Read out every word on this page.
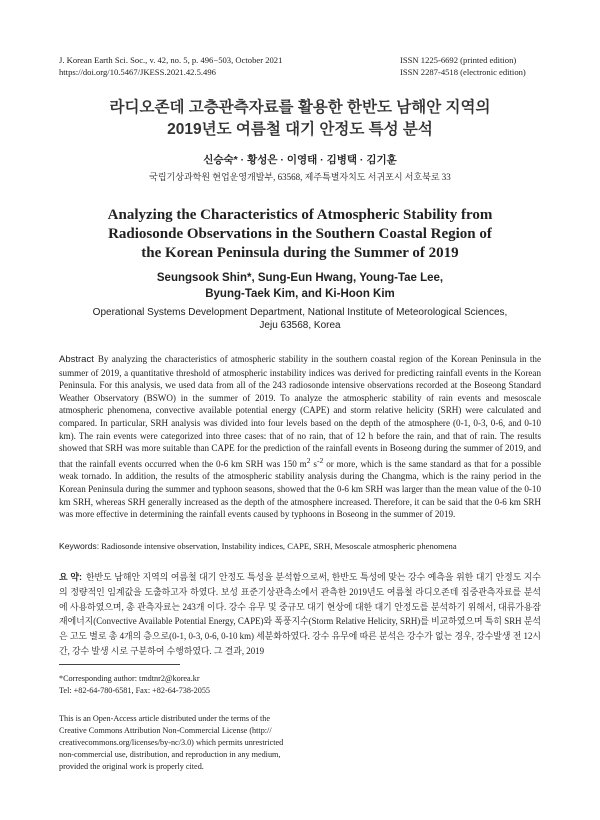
J. Korean Earth Sci. Soc., v. 42, no. 5, p. 496−503, October 2021
https://doi.org/10.5467/JKESS.2021.42.5.496
ISSN 1225-6692 (printed edition)
ISSN 2287-4518 (electronic edition)
라디오존데 고층관측자료를 활용한 한반도 남해안 지역의
2019년도 여름철 대기 안정도 특성 분석
신승숙* · 황성은 · 이영태 · 김병택 · 김기훈
국립기상과학원 현업운영개발부, 63568, 제주특별자치도 서귀포시 서호북로 33
Analyzing the Characteristics of Atmospheric Stability from
Radiosonde Observations in the Southern Coastal Region of
the Korean Peninsula during the Summer of 2019
Seungsook Shin*, Sung-Eun Hwang, Young-Tae Lee,
Byung-Taek Kim, and Ki-Hoon Kim
Operational Systems Development Department, National Institute of Meteorological Sciences,
Jeju 63568, Korea
Abstract By analyzing the characteristics of atmospheric stability in the southern coastal region of the Korean Peninsula in the summer of 2019, a quantitative threshold of atmospheric instability indices was derived for predicting rainfall events in the Korean Peninsula. For this analysis, we used data from all of the 243 radiosonde intensive observations recorded at the Boseong Standard Weather Observatory (BSWO) in the summer of 2019. To analyze the atmospheric stability of rain events and mesoscale atmospheric phenomena, convective available potential energy (CAPE) and storm relative helicity (SRH) were calculated and compared. In particular, SRH analysis was divided into four levels based on the depth of the atmosphere (0-1, 0-3, 0-6, and 0-10 km). The rain events were categorized into three cases: that of no rain, that of 12 h before the rain, and that of rain. The results showed that SRH was more suitable than CAPE for the prediction of the rainfall events in Boseong during the summer of 2019, and that the rainfall events occurred when the 0-6 km SRH was 150 $m^2$ $s^{-2}$ or more, which is the same standard as that for a possible weak tornado. In addition, the results of the atmospheric stability analysis during the Changma, which is the rainy period in the Korean Peninsula during the summer and typhoon seasons, showed that the 0-6 km SRH was larger than the mean value of the 0-10 km SRH, whereas SRH generally increased as the depth of the atmosphere increased. Therefore, it can be said that the 0-6 km SRH was more effective in determining the rainfall events caused by typhoons in Boseong in the summer of 2019.
Keywords: Radiosonde intensive observation, Instability indices, CAPE, SRH, Mesoscale atmospheric phenomena
요 약: 한반도 남해안 지역의 여름철 대기 안정도 특성을 분석함으로써, 한반도 특성에 맞는 강수 예측을 위한 대기 안정도 지수의 정량적인 임계값을 도출하고자 하였다. 보성 표준기상관측소에서 관측한 2019년도 여름철 라디오존데 집중관측자료를 분석에 사용하였으며, 총 관측자료는 243개 이다. 강수 유무 및 중규모 대기 현상에 대한 대기 안정도를 분석하기 위해서, 대류가용잠재에너지(Convective Available Potential Energy, CAPE)와 폭풍지수(Storm Relative Helicity, SRH)를 비교하였으며 특히 SRH 분석은 고도 별로 총 4개의 층으로(0-1, 0-3, 0-6, 0-10 km) 세분화하였다. 강수 유무에 따른 분석은 강수가 없는 경우, 강수발생 전 12시간, 강수 발생 시로 구분하여 수행하였다. 그 결과, 2019
*Corresponding author: tmdtnr2@korea.kr
Tel: +82-64-780-6581, Fax: +82-64-738-2055
This is an Open-Access article distributed under the terms of the
Creative Commons Attribution Non-Commercial License (http://
creativecommons.org/licenses/by-nc/3.0) which permits unrestricted
non-commercial use, distribution, and reproduction in any medium,
provided the original work is properly cited.
